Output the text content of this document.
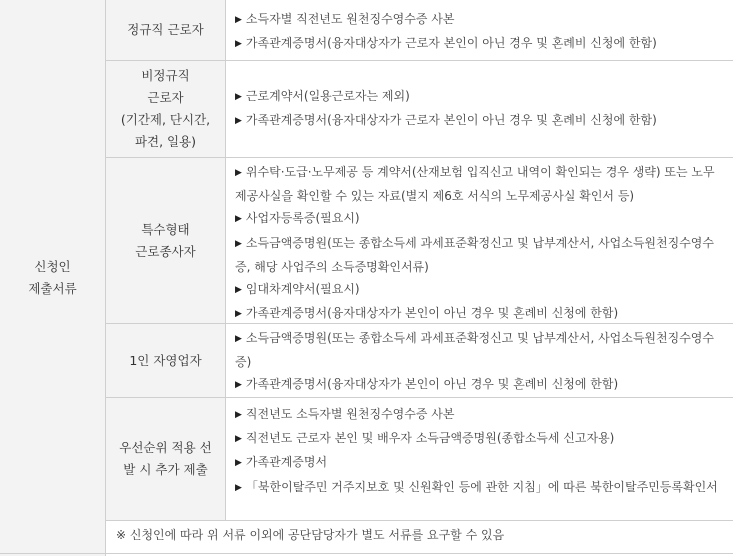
신청인
제출서류
정규직 근로자
▶ 소득자별 직전년도 원천징수영수증 사본
▶ 가족관계증명서(융자대상자가 근로자 본인이 아닌 경우 및 혼례비 신청에 한함)
비정규직
근로자
(기간제, 단시간,
파견, 일용)
▶ 근로계약서(일용근로자는 제외)
▶ 가족관계증명서(융자대상자가 근로자 본인이 아닌 경우 및 혼례비 신청에 한함)
특수형태
근로종사자
▶ 위수탁·도급·노무제공 등 계약서(산재보험 입직신고 내역이 확인되는 경우 생략) 또는 노무제공사실을 확인할 수 있는 자료(별지 제6호 서식의 노무제공사실 확인서 등)
▶ 사업자등록증(필요시)
▶ 소득금액증명원(또는 종합소득세 과세표준확정신고 및 납부계산서, 사업소득원천징수영수증, 해당 사업주의 소득증명확인서류)
▶ 임대차계약서(필요시)
▶ 가족관계증명서(융자대상자가 본인이 아닌 경우 및 혼례비 신청에 한함)
1인 자영업자
▶ 소득금액증명원(또는 종합소득세 과세표준확정신고 및 납부계산서, 사업소득원천징수영수증)
▶ 가족관계증명서(융자대상자가 본인이 아닌 경우 및 혼례비 신청에 한함)
우선순위 적용 선
발 시 추가 제출
▶ 직전년도 소득자별 원천징수영수증 사본
▶ 직전년도 근로자 본인 및 배우자 소득금액증명원(종합소득세 신고자용)
▶ 가족관계증명서
▶ 「북한이탈주민 거주지보호 및 신원확인 등에 관한 지침」에 따른 북한이탈주민등록확인서
※ 신청인에 따라 위 서류 이외에 공단담당자가 별도 서류를 요구할 수 있음
